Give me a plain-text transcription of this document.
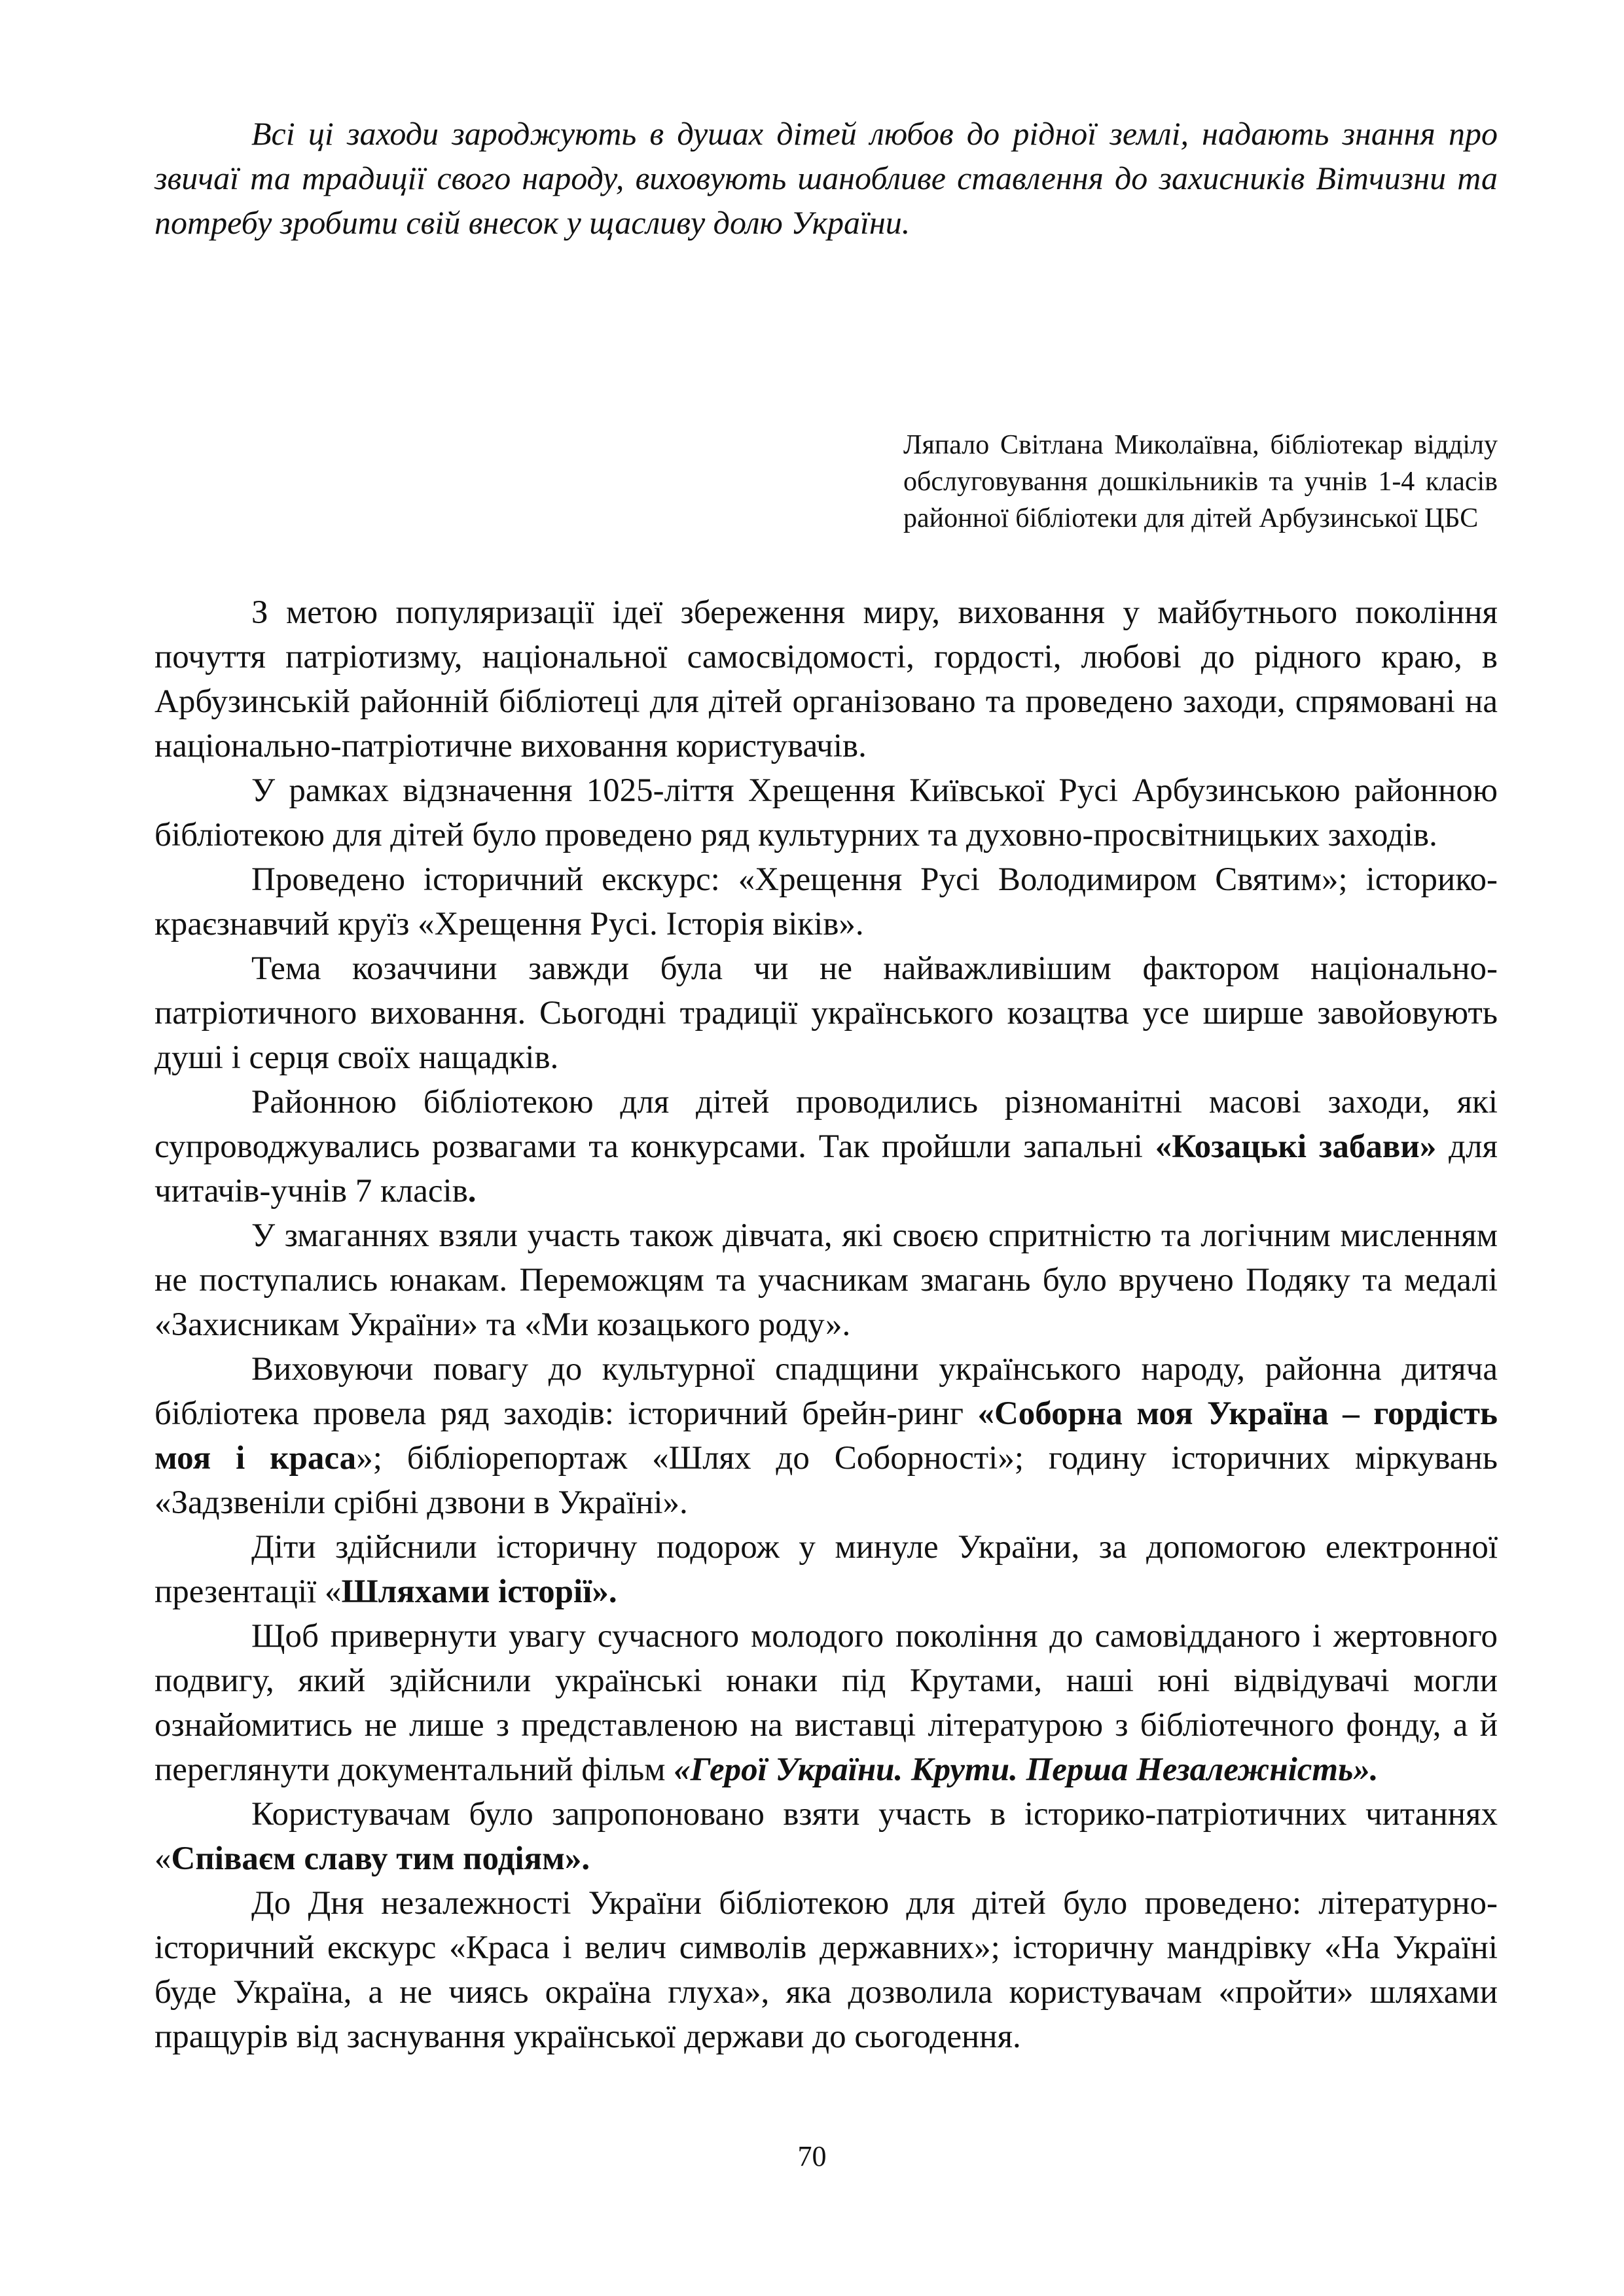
Всі ці заходи зароджують в душах дітей любов до рідної землі, надають знання про звичаї та традиції свого народу, виховують шанобливе ставлення до захисників Вітчизни та потребу зробити свій внесок у щасливу долю України.

Ляпало Світлана Миколаївна, бібліотекар відділу обслуговування дошкільників та учнів 1-4 класів районної бібліотеки для дітей Арбузинської ЦБС

З метою популяризації ідеї збереження миру, виховання у майбутнього покоління почуття патріотизму, національної самосвідомості, гордості, любові до рідного краю, в Арбузинській районній бібліотеці для дітей організовано та проведено заходи, спрямовані на національно-патріотичне виховання користувачів.

У рамках відзначення 1025-ліття Хрещення Київської Русі Арбузинською районною бібліотекою для дітей було проведено ряд культурних та духовно-просвітницьких заходів.

Проведено історичний екскурс: «Хрещення Русі Володимиром Святим»; історико-краєзнавчий круїз «Хрещення Русі. Історія віків».

Тема козаччини завжди була чи не найважливішим фактором національно-патріотичного виховання. Сьогодні традиції українського козацтва усе ширше завойовують душі і серця своїх нащадків.

Районною бібліотекою для дітей проводились різноманітні масові заходи, які супроводжувались розвагами та конкурсами. Так пройшли запальні «Козацькі забави» для читачів-учнів 7 класів.

У змаганнях взяли участь також дівчата, які своєю спритністю та логічним мисленням не поступались юнакам. Переможцям та учасникам змагань було вручено Подяку та медалі «Захисникам України» та «Ми козацького роду».

Виховуючи повагу до культурної спадщини українського народу, районна дитяча бібліотека провела ряд заходів: історичний брейн-ринг «Соборна моя Україна – гордість моя і краса»; бібліорепортаж «Шлях до Соборності»; годину історичних міркувань «Задзвеніли срібні дзвони в Україні».

Діти здійснили історичну подорож у минуле України, за допомогою електронної презентації «Шляхами історії».

Щоб привернути увагу сучасного молодого покоління до самовідданого і жертовного подвигу, який здійснили українські юнаки під Крутами, наші юні відвідувачі могли ознайомитись не лише з представленою на виставці літературою з бібліотечного фонду, а й переглянути документальний фільм «Герої України. Крути. Перша Незалежність».

Користувачам було запропоновано взяти участь в історико-патріотичних читаннях «Співаєм славу тим подіям».

До Дня незалежності України бібліотекою для дітей було проведено: літературно-історичний екскурс «Краса і велич символів державних»; історичну мандрівку «На Україні буде Україна, а не чиясь окраїна глуха», яка дозволила користувачам «пройти» шляхами пращурів від заснування української держави до сьогодення.

70
